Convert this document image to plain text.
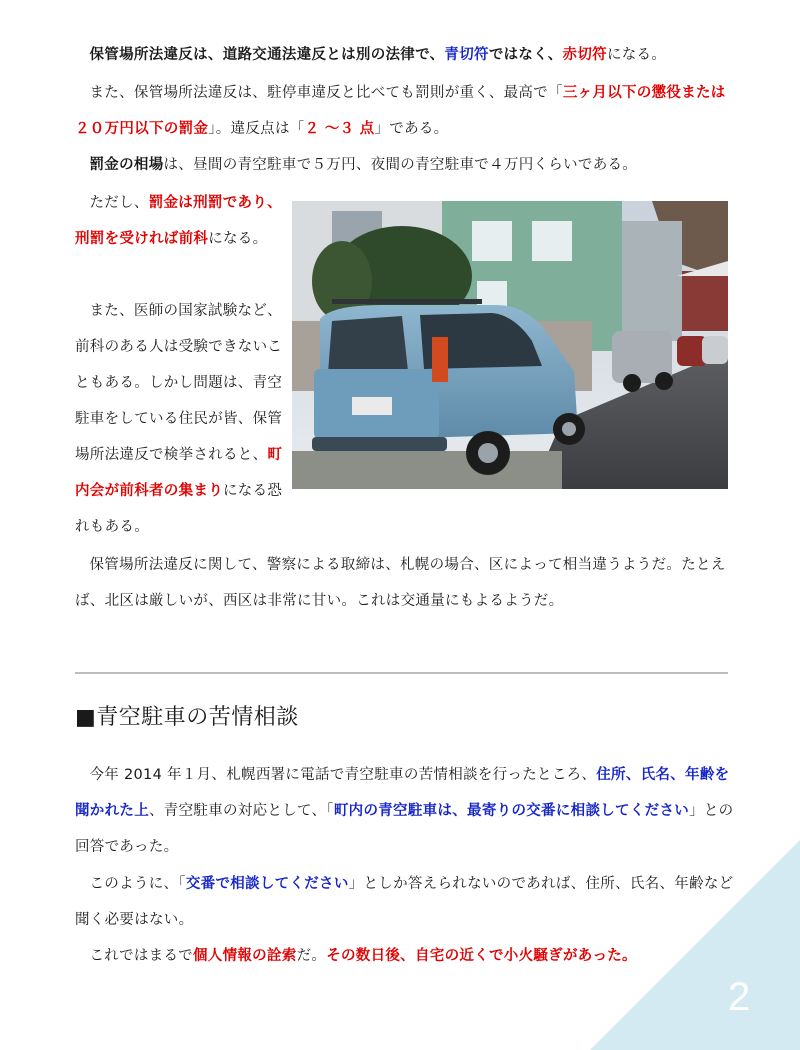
保管場所法違反は、道路交通法違反とは別の法律で、青切符ではなく、赤切符になる。

また、保管場所法違反は、駐停車違反と比べても罰則が重く、最高で「三ヶ月以下の懲役または２０万円以下の罰金」。違反点は「２ ～３ 点」である。

罰金の相場は、昼間の青空駐車で５万円、夜間の青空駐車で４万円くらいである。

ただし、罰金は刑罰であり、刑罰を受ければ前科になる。

また、医師の国家試験など、前科のある人は受験できないこともある。しかし問題は、青空駐車をしている住民が皆、保管場所法違反で検挙されると、町内会が前科者の集まりになる恐れもある。

保管場所法違反に関して、警察による取締は、札幌の場合、区によって相当違うようだ。たとえば、北区は厳しいが、西区は非常に甘い。これは交通量にもよるようだ。

■青空駐車の苦情相談

今年 2014 年１月、札幌西署に電話で青空駐車の苦情相談を行ったところ、住所、氏名、年齢を聞かれた上、青空駐車の対応として、「町内の青空駐車は、最寄りの交番に相談してください」との回答であった。

このように、「交番で相談してください」としか答えられないのであれば、住所、氏名、年齢など聞く必要はない。

これではまるで個人情報の詮索だ。その数日後、自宅の近くで小火騒ぎがあった。

2
